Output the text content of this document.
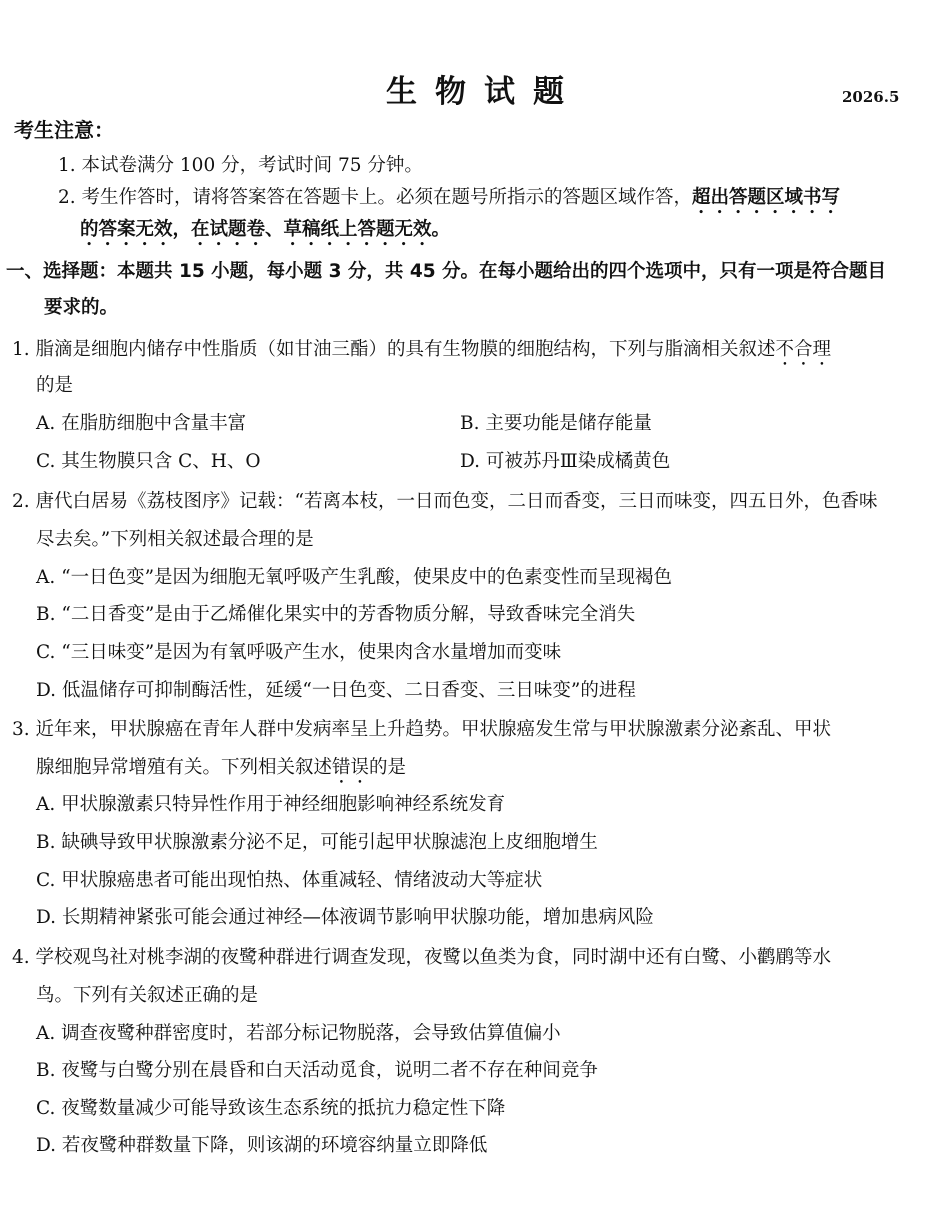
生物试题	2026.5
考生注意：
1. 本试卷满分 100 分，考试时间 75 分钟。
2. 考生作答时，请将答案答在答题卡上。必须在题号所指示的答题区域作答，超出答题区域书写
的答案无效，在试题卷、草稿纸上答题无效。
一、选择题：本题共 15 小题，每小题 3 分，共 45 分。在每小题给出的四个选项中，只有一项是符合题目
要求的。
1. 脂滴是细胞内储存中性脂质（如甘油三酯）的具有生物膜的细胞结构，下列与脂滴相关叙述不合理
的是
A. 在脂肪细胞中含量丰富	B. 主要功能是储存能量
C. 其生物膜只含 C、H、O	D. 可被苏丹Ⅲ染成橘黄色
2. 唐代白居易《荔枝图序》记载：“若离本枝，一日而色变，二日而香变，三日而味变，四五日外，色香味
尽去矣。”下列相关叙述最合理的是
A. “一日色变”是因为细胞无氧呼吸产生乳酸，使果皮中的色素变性而呈现褐色
B. “二日香变”是由于乙烯催化果实中的芳香物质分解，导致香味完全消失
C. “三日味变”是因为有氧呼吸产生水，使果肉含水量增加而变味
D. 低温储存可抑制酶活性，延缓“一日色变、二日香变、三日味变”的进程
3. 近年来，甲状腺癌在青年人群中发病率呈上升趋势。甲状腺癌发生常与甲状腺激素分泌紊乱、甲状
腺细胞异常增殖有关。下列相关叙述错误的是
A. 甲状腺激素只特异性作用于神经细胞影响神经系统发育
B. 缺碘导致甲状腺激素分泌不足，可能引起甲状腺滤泡上皮细胞增生
C. 甲状腺癌患者可能出现怕热、体重减轻、情绪波动大等症状
D. 长期精神紧张可能会通过神经—体液调节影响甲状腺功能，增加患病风险
4. 学校观鸟社对桃李湖的夜鹭种群进行调查发现，夜鹭以鱼类为食，同时湖中还有白鹭、小鹳鹛等水
鸟。下列有关叙述正确的是
A. 调查夜鹭种群密度时，若部分标记物脱落，会导致估算值偏小
B. 夜鹭与白鹭分别在晨昏和白天活动觅食，说明二者不存在种间竞争
C. 夜鹭数量减少可能导致该生态系统的抵抗力稳定性下降
D. 若夜鹭种群数量下降，则该湖的环境容纳量立即降低
